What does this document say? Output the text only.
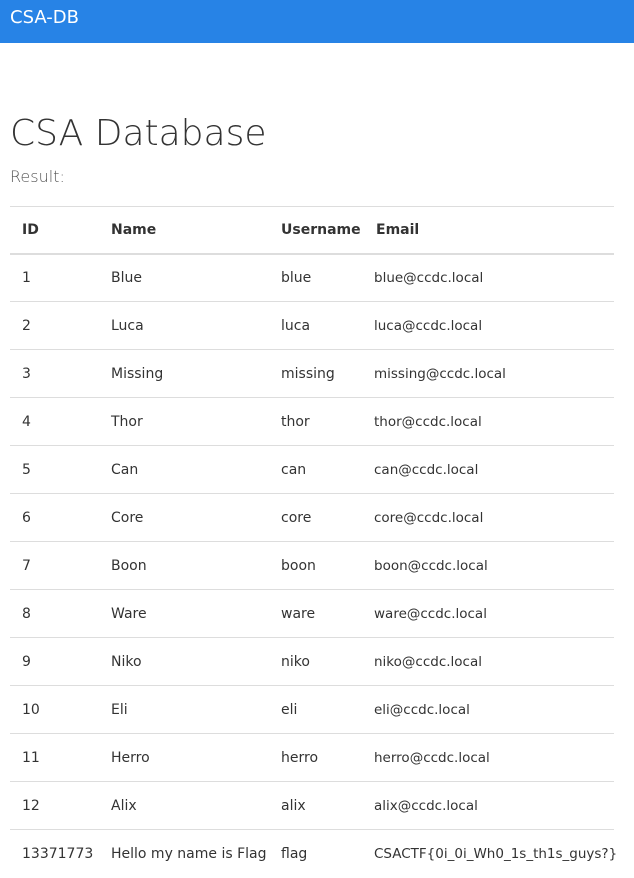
CSA-DB
CSA Database
Result:
ID	Name	Username	Email
1	Blue	blue	blue@ccdc.local
2	Luca	luca	luca@ccdc.local
3	Missing	missing	missing@ccdc.local
4	Thor	thor	thor@ccdc.local
5	Can	can	can@ccdc.local
6	Core	core	core@ccdc.local
7	Boon	boon	boon@ccdc.local
8	Ware	ware	ware@ccdc.local
9	Niko	niko	niko@ccdc.local
10	Eli	eli	eli@ccdc.local
11	Herro	herro	herro@ccdc.local
12	Alix	alix	alix@ccdc.local
13371773	Hello my name is Flag	flag	CSACTF{0i_0i_Wh0_1s_th1s_guys?}
